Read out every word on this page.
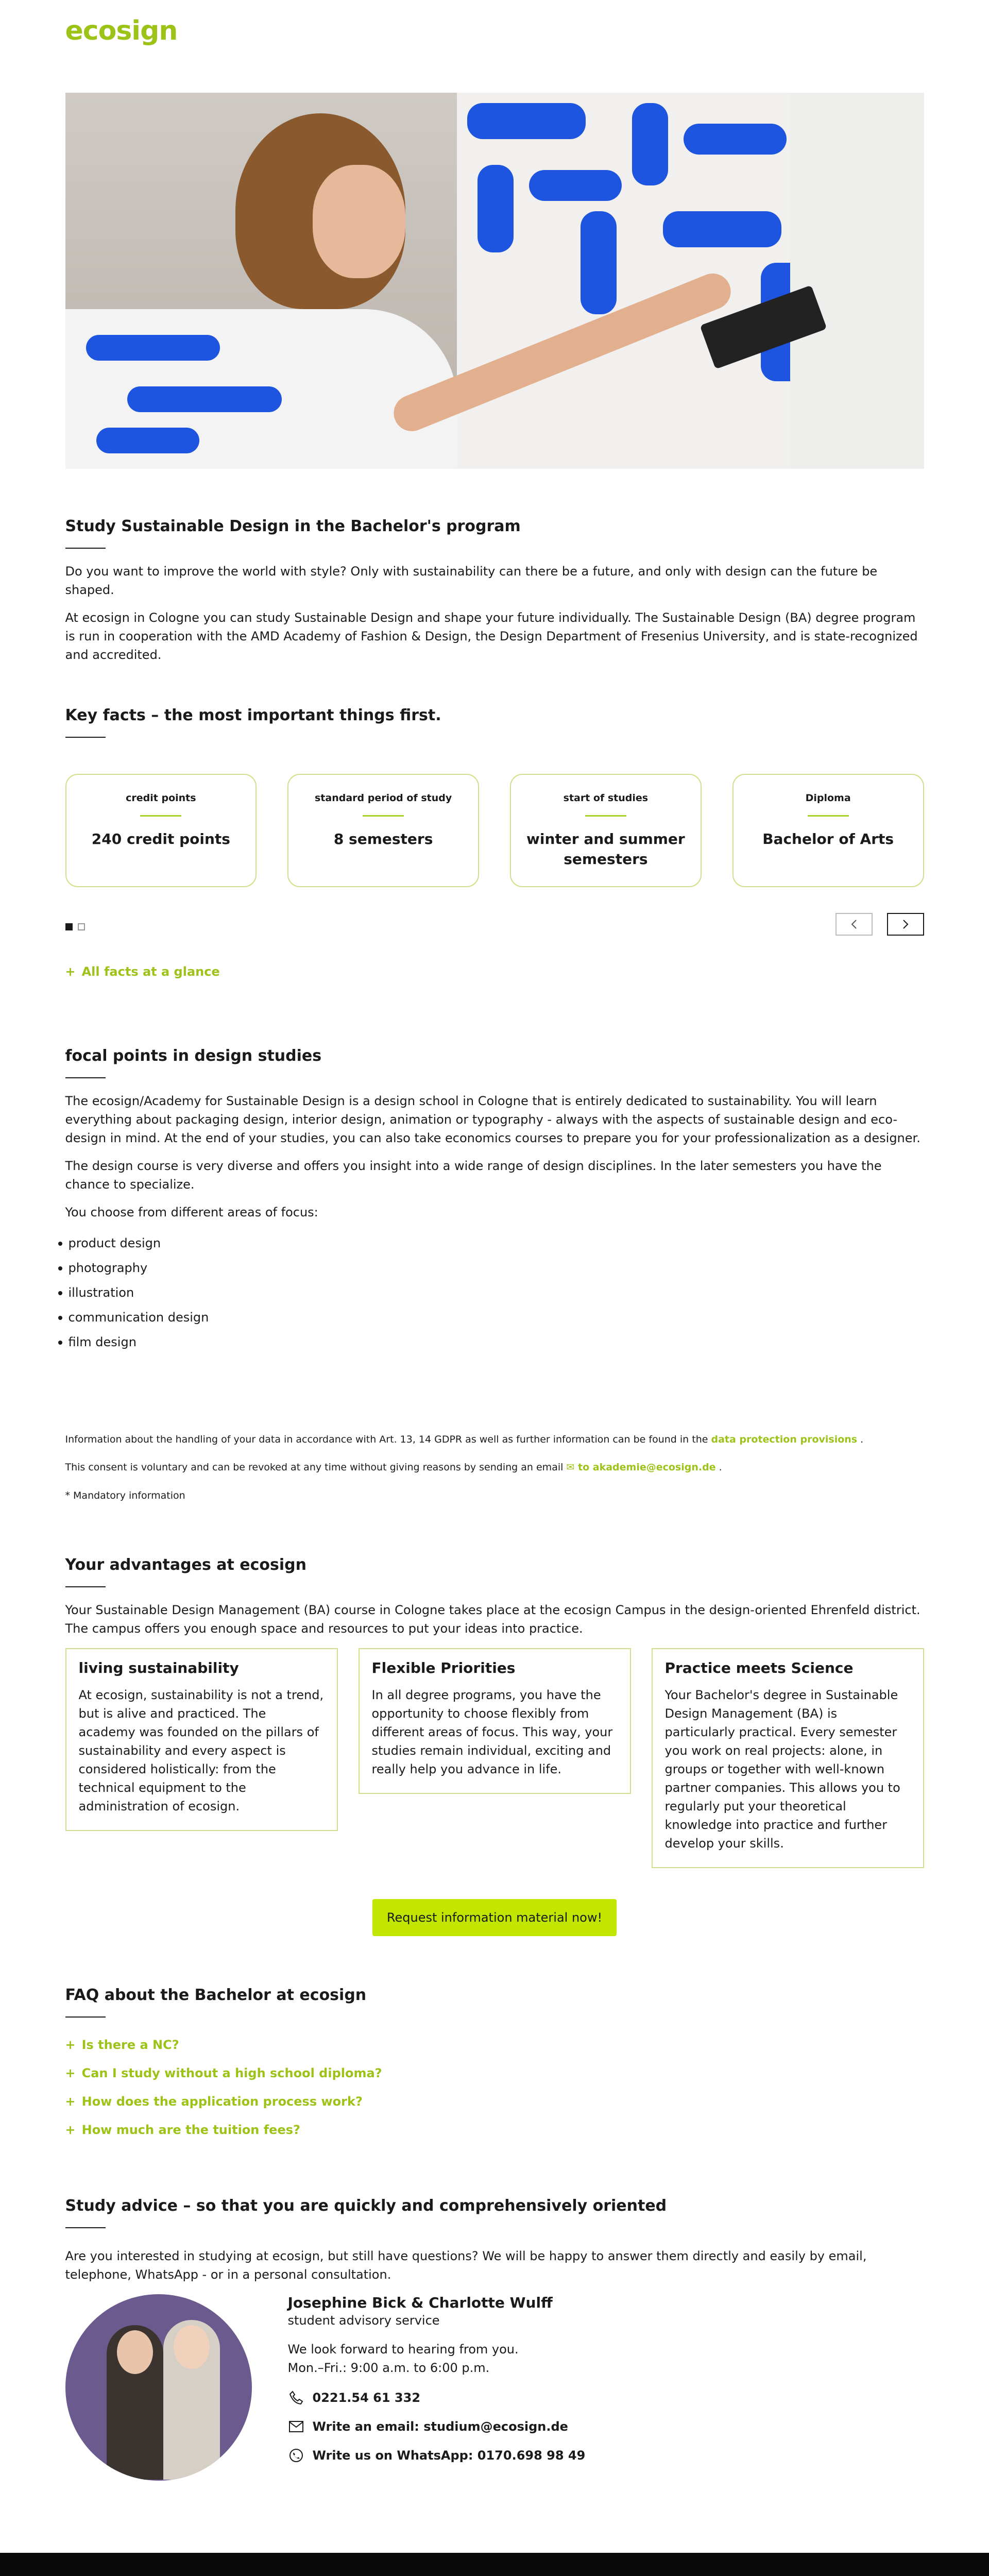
ecosign
Study Sustainable Design in the Bachelor's program

Do you want to improve the world with style? Only with sustainability can there be a future, and only with design can the future be shaped.

At ecosign in Cologne you can study Sustainable Design and shape your future individually. The Sustainable Design (BA) degree program is run in cooperation with the AMD Academy of Fashion & Design, the Design Department of Fresenius University, and is state-recognized and accredited.

Key facts – the most important things first.
credit points
240 credit points
standard period of study
8 semesters
start of studies
winter and summer semesters
Diploma
Bachelor of Arts
+ All facts at a glance
focal points in design studies

The ecosign/Academy for Sustainable Design is a design school in Cologne that is entirely dedicated to sustainability. You will learn everything about packaging design, interior design, animation or typography - always with the aspects of sustainable design and eco-design in mind. At the end of your studies, you can also take economics courses to prepare you for your professionalization as a designer.

The design course is very diverse and offers you insight into a wide range of design disciplines. In the later semesters you have the chance to specialize.

You choose from different areas of focus:

product design
photography
illustration
communication design
film design

Information about the handling of your data in accordance with Art. 13, 14 GDPR as well as further information can be found in the data protection provisions .

This consent is voluntary and can be revoked at any time without giving reasons by sending an email ✉ to akademie@ecosign.de .

* Mandatory information

Your advantages at ecosign

Your Sustainable Design Management (BA) course in Cologne takes place at the ecosign Campus in the design-oriented Ehrenfeld district. The campus offers you enough space and resources to put your ideas into practice.

living sustainability

At ecosign, sustainability is not a trend, but is alive and practiced. The academy was founded on the pillars of sustainability and every aspect is considered holistically: from the technical equipment to the administration of ecosign.

Flexible Priorities

In all degree programs, you have the opportunity to choose flexibly from different areas of focus. This way, your studies remain individual, exciting and really help you advance in life.

Practice meets Science

Your Bachelor's degree in Sustainable Design Management (BA) is particularly practical. Every semester you work on real projects: alone, in groups or together with well-known partner companies. This allows you to regularly put your theoretical knowledge into practice and further develop your skills.

Request information material now!
FAQ about the Bachelor at ecosign
+ Is there a NC?
+ Can I study without a high school diploma?
+ How does the application process work?
+ How much are the tuition fees?
Study advice – so that you are quickly and comprehensively oriented

Are you interested in studying at ecosign, but still have questions? We will be happy to answer them directly and easily by email, telephone, WhatsApp - or in a personal consultation.

Josephine Bick & Charlotte Wulff
student advisory service
We look forward to hearing from you.
Mon.–Fri.: 9:00 a.m. to 6:00 p.m.
0221.54 61 332
Write an email: studium@ecosign.de
Write us on WhatsApp: 0170.698 98 49
